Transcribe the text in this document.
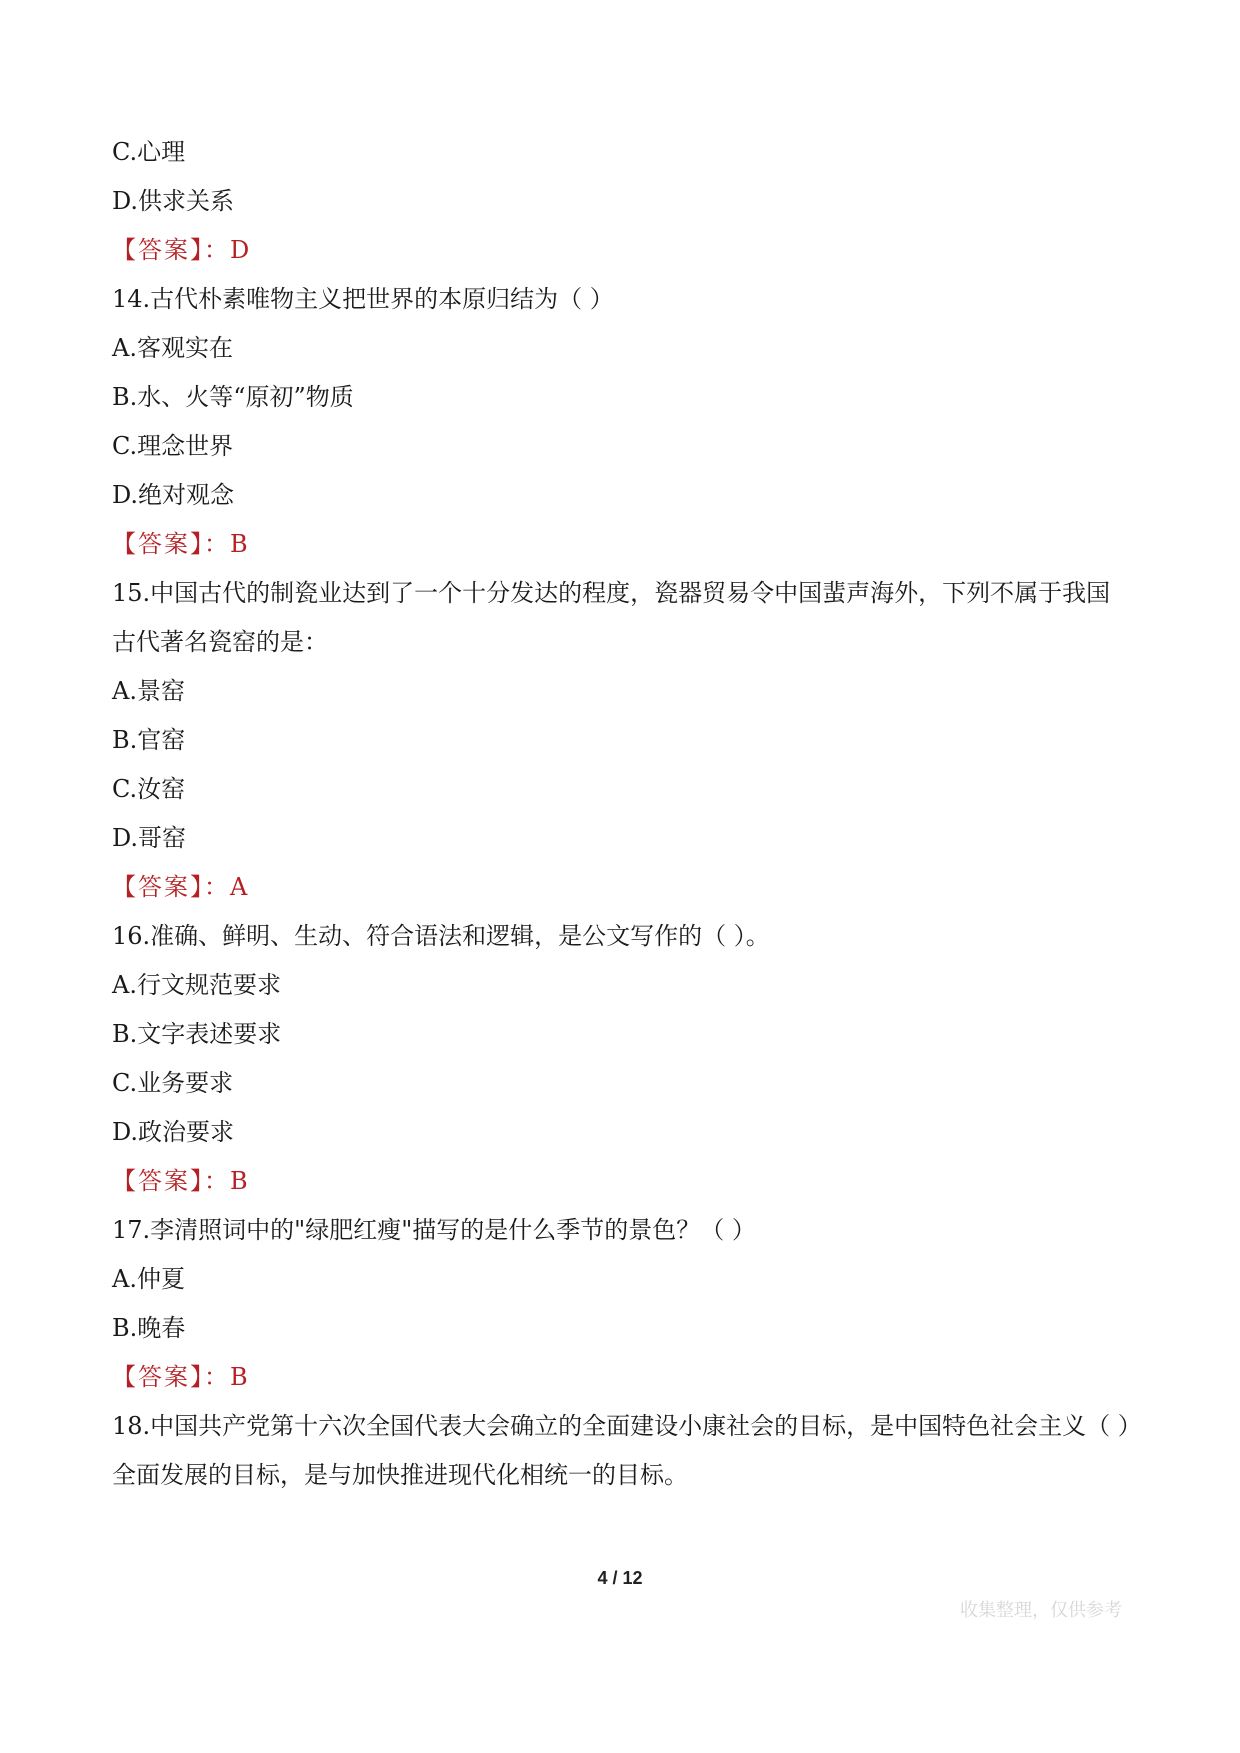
C.心理
D.供求关系
【答案】：D
14.古代朴素唯物主义把世界的本原归结为（ ）
A.客观实在
B.水、火等“原初”物质
C.理念世界
D.绝对观念
【答案】：B
15.中国古代的制瓷业达到了一个十分发达的程度，瓷器贸易令中国蜚声海外，下列不属于我国古代著名瓷窑的是：
A.景窑
B.官窑
C.汝窑
D.哥窑
【答案】：A
16.准确、鲜明、生动、符合语法和逻辑，是公文写作的（ ）。
A.行文规范要求
B.文字表述要求
C.业务要求
D.政治要求
【答案】：B
17.李清照词中的"绿肥红瘦"描写的是什么季节的景色？（ ）
A.仲夏
B.晚春
【答案】：B
18.中国共产党第十六次全国代表大会确立的全面建设小康社会的目标，是中国特色社会主义（ ）全面发展的目标，是与加快推进现代化相统一的目标。
4 / 12
收集整理，仅供参考
